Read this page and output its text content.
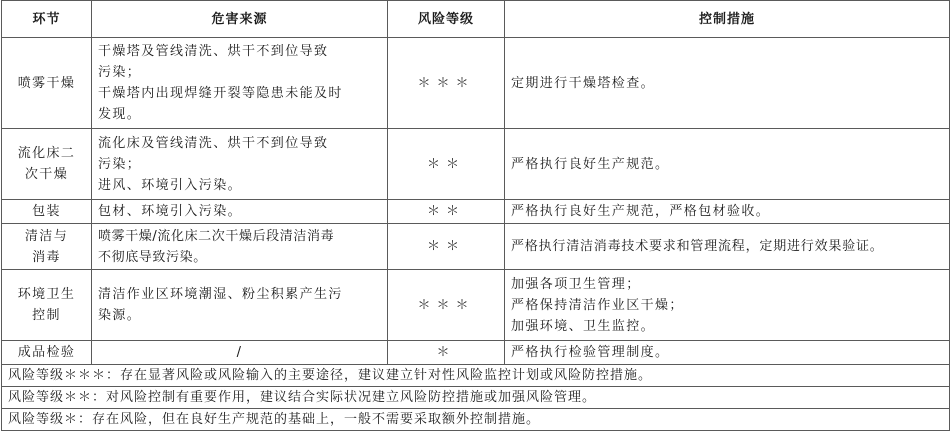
环节	危害来源	风险等级	控制措施

喷雾干燥	干燥塔及管线清洗、烘干不到位导致
污染；
干燥塔内出现焊缝开裂等隐患未能及时
发现。	＊＊＊	定期进行干燥塔检查。

流化床二
次干燥	流化床及管线清洗、烘干不到位导致
污染；
进风、环境引入污染。	＊＊	严格执行良好生产规范。

包装	包材、环境引入污染。	＊＊	严格执行良好生产规范，严格包材验收。

清洁与
消毒	喷雾干燥/流化床二次干燥后段清洁消毒
不彻底导致污染。	＊＊	严格执行清洁消毒技术要求和管理流程，定期进行效果验证。

环境卫生
控制	清洁作业区环境潮湿、粉尘积累产生污
染源。	＊＊＊	加强各项卫生管理；
严格保持清洁作业区干燥；
加强环境、卫生监控。

成品检验	/	＊	严格执行检验管理制度。

风险等级＊＊＊：存在显著风险或风险输入的主要途径，建议建立针对性风险监控计划或风险防控措施。			
风险等级＊＊：对风险控制有重要作用，建议结合实际状况建立风险防控措施或加强风险管理。			
风险等级＊：存在风险，但在良好生产规范的基础上，一般不需要采取额外控制措施。			
